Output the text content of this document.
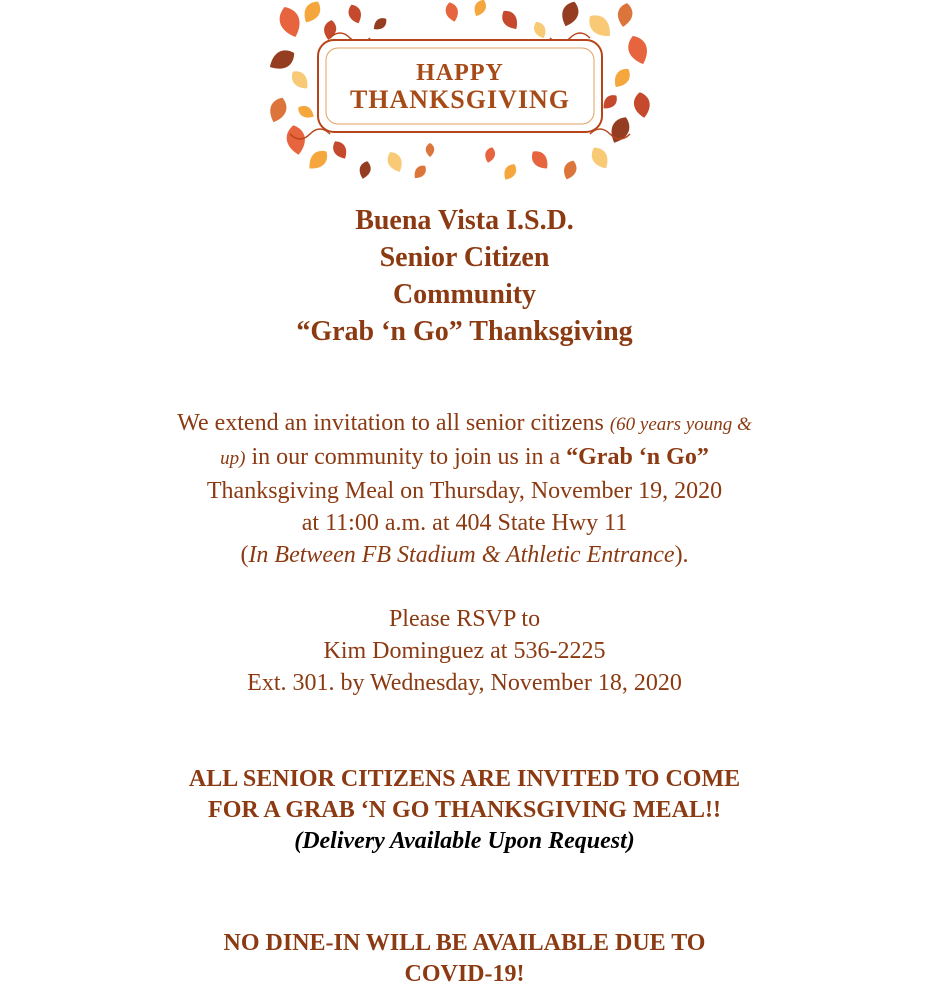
HAPPY
THANKSGIVING
Buena Vista I.S.D.
Senior Citizen
Community
“Grab ‘n Go” Thanksgiving
We extend an invitation to all senior citizens (60 years young &
up) in our community to join us in a “Grab ‘n Go”
Thanksgiving Meal on Thursday, November 19, 2020
at 11:00 a.m. at 404 State Hwy 11
(In Between FB Stadium & Athletic Entrance).
Please RSVP to
Kim Dominguez at 536-2225
Ext. 301. by Wednesday, November 18, 2020
ALL SENIOR CITIZENS ARE INVITED TO COME
FOR A GRAB ‘N GO THANKSGIVING MEAL!!
(Delivery Available Upon Request)
NO DINE-IN WILL BE AVAILABLE DUE TO
COVID-19!
